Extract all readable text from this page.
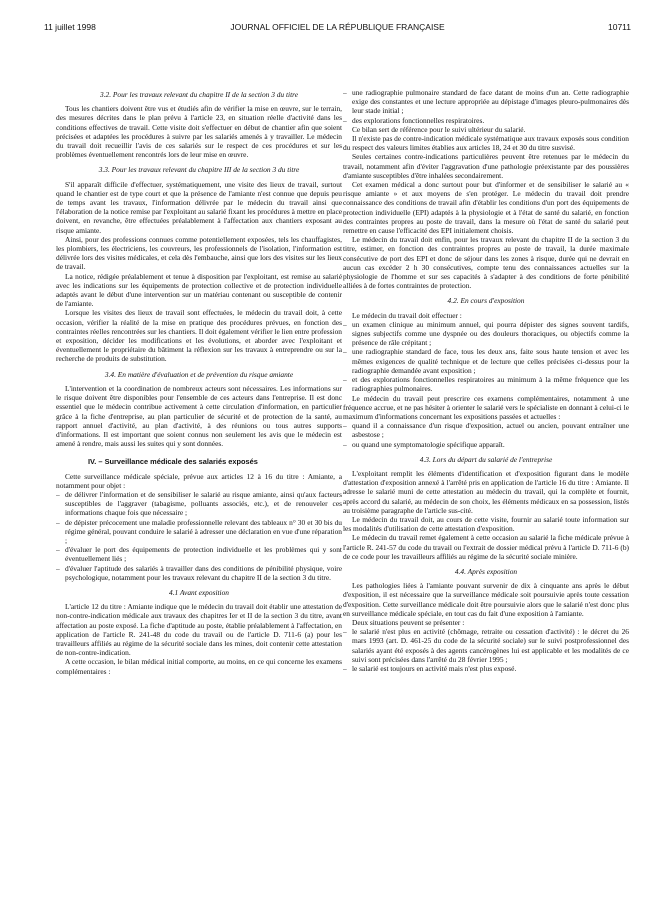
11 juillet 1998	JOURNAL OFFICIEL DE LA RÉPUBLIQUE FRANÇAISE	10711
3.2. Pour les travaux relevant du chapitre II de la section 3 du titre

Tous les chantiers doivent être vus et étudiés afin de vérifier la mise en œuvre, sur le terrain, des mesures décrites dans le plan prévu à l'article 23, en situation réelle d'activité dans les conditions effectives de travail. Cette visite doit s'effectuer en début de chantier afin que soient précisées et adaptées les procédures à suivre par les salariés amenés à y travailler. Le médecin du travail doit recueillir l'avis de ces salariés sur le respect de ces procédures et sur les problèmes éventuellement rencontrés lors de leur mise en œuvre.

3.3. Pour les travaux relevant du chapitre III de la section 3 du titre

S'il apparaît difficile d'effectuer, systématiquement, une visite des lieux de travail, surtout quand le chantier est de type court et que la présence de l'amiante n'est connue que depuis peu de temps avant les travaux, l'information délivrée par le médecin du travail ainsi que l'élaboration de la notice remise par l'exploitant au salarié fixant les procédures à mettre en place doivent, en revanche, être effectuées préalablement à l'affectation aux chantiers exposant au risque amiante.

Ainsi, pour des professions connues comme potentiellement exposées, tels les chauffagistes, les plombiers, les électriciens, les couvreurs, les professionnels de l'isolation, l'information est délivrée lors des visites médicales, et cela dès l'embauche, ainsi que lors des visites sur les lieux de travail.

La notice, rédigée préalablement et tenue à disposition par l'exploitant, est remise au salarié avec les indications sur les équipements de protection collective et de protection individuelle adaptés avant le début d'une intervention sur un matériau contenant ou susceptible de contenir de l'amiante.

Lorsque les visites des lieux de travail sont effectuées, le médecin du travail doit, à cette occasion, vérifier la réalité de la mise en pratique des procédures prévues, en fonction des contraintes réelles rencontrées sur les chantiers. Il doit également vérifier le lien entre profession et exposition, décider les modifications et les évolutions, et aborder avec l'exploitant et éventuellement le propriétaire du bâtiment la réflexion sur les travaux à entreprendre ou sur la recherche de produits de substitution.

3.4. En matière d'évaluation et de prévention du risque amiante

L'intervention et la coordination de nombreux acteurs sont nécessaires. Les informations sur le risque doivent être disponibles pour l'ensemble de ces acteurs dans l'entreprise. Il est donc essentiel que le médecin contribue activement à cette circulation d'information, en particulier grâce à la fiche d'entreprise, au plan particulier de sécurité et de protection de la santé, au rapport annuel d'activité, au plan d'activité, à des réunions ou tous autres supports d'informations. Il est important que soient connus non seulement les avis que le médecin est amené à rendre, mais aussi les suites qui y sont données.

IV. – Surveillance médicale des salariés exposés

Cette surveillance médicale spéciale, prévue aux articles 12 à 16 du titre : Amiante, a notamment pour objet :

– de délivrer l'information et de sensibiliser le salarié au risque amiante, ainsi qu'aux facteurs susceptibles de l'aggraver (tabagisme, polluants associés, etc.), et de renouveler ces informations chaque fois que nécessaire ;
– de dépister précocement une maladie professionnelle relevant des tableaux n° 30 et 30 bis du régime général, pouvant conduire le salarié à adresser une déclaration en vue d'une réparation ;
– d'évaluer le port des équipements de protection individuelle et les problèmes qui y sont éventuellement liés ;
– d'évaluer l'aptitude des salariés à travailler dans des conditions de pénibilité physique, voire psychologique, notamment pour les travaux relevant du chapitre II de la section 3 du titre.
4.1 Avant exposition

L'article 12 du titre : Amiante indique que le médecin du travail doit établir une attestation de non-contre-indication médicale aux travaux des chapitres Ier et II de la section 3 du titre, avant affectation au poste exposé. La fiche d'aptitude au poste, établie préalablement à l'affectation, en application de l'article R. 241-48 du code du travail ou de l'article D. 711-6 (a) pour les travailleurs affiliés au régime de la sécurité sociale dans les mines, doit contenir cette attestation de non-contre-indication.

A cette occasion, le bilan médical initial comporte, au moins, en ce qui concerne les examens complémentaires :

– une radiographie pulmonaire standard de face datant de moins d'un an. Cette radiographie exige des constantes et une lecture appropriée au dépistage d'images pleuro-pulmonaires dès leur stade initial ;
– des explorations fonctionnelles respiratoires.

Ce bilan sert de référence pour le suivi ultérieur du salarié.

Il n'existe pas de contre-indication médicale systématique aux travaux exposés sous condition du respect des valeurs limites établies aux articles 18, 24 et 30 du titre susvisé.

Seules certaines contre-indications particulières peuvent être retenues par le médecin du travail, notamment afin d'éviter l'aggravation d'une pathologie préexistante par des poussières d'amiante susceptibles d'être inhalées secondairement.

Cet examen médical a donc surtout pour but d'informer et de sensibiliser le salarié au « risque amiante » et aux moyens de s'en protéger. Le médecin du travail doit prendre connaissance des conditions de travail afin d'établir les conditions d'un port des équipements de protection individuelle (EPI) adaptés à la physiologie et à l'état de santé du salarié, en fonction des contraintes propres au poste de travail, dans la mesure où l'état de santé du salarié peut remettre en cause l'efficacité des EPI initialement choisis.

Le médecin du travail doit enfin, pour les travaux relevant du chapitre II de la section 3 du titre, estimer, en fonction des contraintes propres au poste de travail, la durée maximale consécutive de port des EPI et donc de séjour dans les zones à risque, durée qui ne devrait en aucun cas excéder 2 h 30 consécutives, compte tenu des connaissances actuelles sur la physiologie de l'homme et sur ses capacités à s'adapter à des conditions de forte pénibilité alliées à de fortes contraintes de protection.

4.2. En cours d'exposition

Le médecin du travail doit effectuer :

– un examen clinique au minimum annuel, qui pourra dépister des signes souvent tardifs, signes subjectifs comme une dyspnée ou des douleurs thoraciques, ou objectifs comme la présence de râle crépitant ;
– une radiographie standard de face, tous les deux ans, faite sous haute tension et avec les mêmes exigences de qualité technique et de lecture que celles précisées ci-dessus pour la radiographie demandée avant exposition ;
– et des explorations fonctionnelles respiratoires au minimum à la même fréquence que les radiographies pulmonaires.

Le médecin du travail peut prescrire ces examens complémentaires, notamment à une fréquence accrue, et ne pas hésiter à orienter le salarié vers le spécialiste en donnant à celui-ci le maximum d'informations concernant les expositions passées et actuelles :

– quand il a connaissance d'un risque d'exposition, actuel ou ancien, pouvant entraîner une asbestose ;
– ou quand une symptomatologie spécifique apparaît.
4.3. Lors du départ du salarié de l'entreprise

L'exploitant remplit les éléments d'identification et d'exposition figurant dans le modèle d'attestation d'exposition annexé à l'arrêté pris en application de l'article 16 du titre : Amiante. Il adresse le salarié muni de cette attestation au médecin du travail, qui la complète et fournit, après accord du salarié, au médecin de son choix, les éléments médicaux en sa possession, listés au troisième paragraphe de l'article sus-cité.

Le médecin du travail doit, au cours de cette visite, fournir au salarié toute information sur les modalités d'utilisation de cette attestation d'exposition.

Le médecin du travail remet également à cette occasion au salarié la fiche médicale prévue à l'article R. 241-57 du code du travail ou l'extrait de dossier médical prévu à l'article D. 711-6 (b) de ce code pour les travailleurs affiliés au régime de la sécurité sociale minière.

4.4. Après exposition

Les pathologies liées à l'amiante pouvant survenir de dix à cinquante ans après le début d'exposition, il est nécessaire que la surveillance médicale soit poursuivie après toute cessation d'exposition. Cette surveillance médicale doit être poursuivie alors que le salarié n'est donc plus en surveillance médicale spéciale, en tout cas du fait d'une exposition à l'amiante.

Deux situations peuvent se présenter :

– le salarié n'est plus en activité (chômage, retraite ou cessation d'activité) : le décret du 26 mars 1993 (art. D. 461-25 du code de la sécurité sociale) sur le suivi postprofessionnel des salariés ayant été exposés à des agents cancérogènes lui est applicable et les modalités de ce suivi sont précisées dans l'arrêté du 28 février 1995 ;
– le salarié est toujours en activité mais n'est plus exposé.
